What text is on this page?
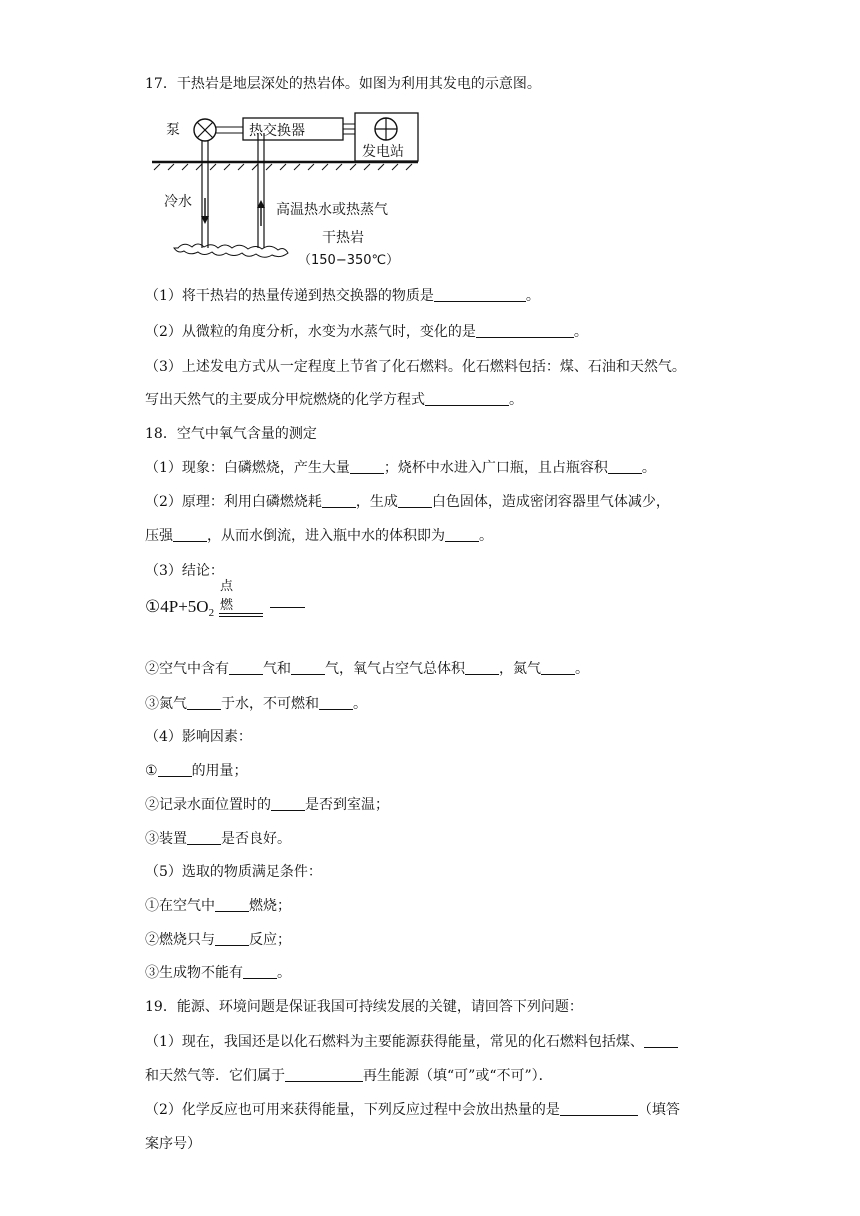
17．干热岩是地层深处的热岩体。如图为利用其发电的示意图。
泵	热交换器
发电站
冷水	高温热水或热蒸气
干热岩
（150−350℃）
（1）将干热岩的热量传递到热交换器的物质是	。
（2）从微粒的角度分析，水变为水蒸气时，变化的是	。
（3）上述发电方式从一定程度上节省了化石燃料。化石燃料包括：煤、石油和天然气。
写出天然气的主要成分甲烷燃烧的化学方程式	。
18．空气中氧气含量的测定
（1）现象：白磷燃烧，产生大量 ；烧杯中水进入广口瓶，且占瓶容积 。
（2）原理：利用白磷燃烧耗 ，生成 白色固体，造成密闭容器里气体减少，
压强 ，从而水倒流，进入瓶中水的体积即为 。
（3）结论：
$①4P+5O_2$
点燃
②空气中含有 气和 气，氧气占空气总体积 ，氮气 。
③氮气 于水，不可燃和 。
（4）影响因素：
① 的用量；
②记录水面位置时的 是否到室温；
③装置 是否良好。
（5）选取的物质满足条件：
①在空气中 燃烧；
②燃烧只与 反应；
③生成物不能有 。
19．能源、环境问题是保证我国可持续发展的关键，请回答下列问题：
（1）现在，我国还是以化石燃料为主要能源获得能量，常见的化石燃料包括煤、
和天然气等．它们属于	再生能源（填“可”或“不可”）．
（2）化学反应也可用来获得能量，下列反应过程中会放出热量的是	（填答
案序号）
